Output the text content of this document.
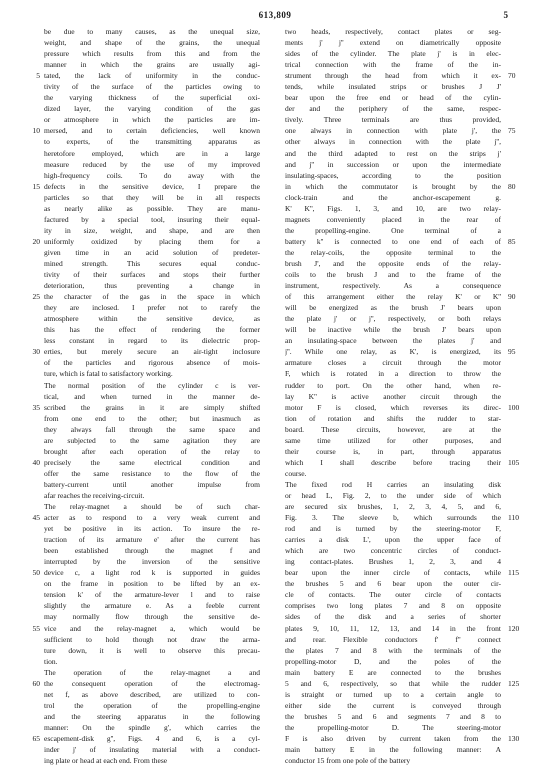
613,809	5
be due to many causes, as the unequal size,
weight, and shape of the grains, the unequal
pressure which results from this and from the
manner in which the grains are usually agi-
tated, the lack of uniformity in the conduc-
tivity of the surface of the particles owing to
the varying thickness of the superficial oxi-
dized layer, the varying condition of the gas
or atmosphere in which the particles are im-
mersed, and to certain deficiencies, well known
to experts, of the transmitting apparatus as
heretofore employed, which are in a large
measure reduced by the use of my improved
high-frequency coils. To do away with the
defects in the sensitive device, I prepare the
particles so that they will be in all respects
as nearly alike as possible. They are manu-
factured by a special tool, insuring their equal-
ity in size, weight, and shape, and are then
uniformly oxidized by placing them for a
given time in an acid solution of predeter-
mined strength. This secures equal conduc-
tivity of their surfaces and stops their further
deterioration, thus preventing a change in
the character of the gas in the space in which
they are inclosed. I prefer not to rarefy the
atmosphere within the sensitive device, as
this has the effect of rendering the former
less constant in regard to its dielectric prop-
erties, but merely secure an air-tight inclosure
of the particles and rigorous absence of mois-
ture, which is fatal to satisfactory working.
The normal position of the cylinder c is ver-
tical, and when turned in the manner de-
scribed the grains in it are simply shifted
from one end to the other; but inasmuch as
they always fall through the same space and
are subjected to the same agitation they are
brought after each operation of the relay to
precisely the same electrical condition and
offer the same resistance to the flow of the
battery-current until another impulse from
afar reaches the receiving-circuit.
The relay-magnet a should be of such char-
acter as to respond to a very weak current and
yet be positive in its action. To insure the re-
traction of its armature e' after the current has
been established through the magnet f and
interrupted by the inversion of the sensitive
device c, a light rod k is supported in guides
on the frame in position to be lifted by an ex-
tension k' of the armature-lever l and to raise
slightly the armature e. As a feeble current
may normally flow through the sensitive de-
vice and the relay-magnet a, which would be
sufficient to hold though not draw the arma-
ture down, it is well to observe this precau-
tion.
The operation of the relay-magnet a and
the consequent operation of the electromag-
net f, as above described, are utilized to con-
trol the operation of the propelling-engine
and the steering apparatus in the following
manner: On the spindle g', which carries the
escapement-disk g'', Figs. 4 and 6, is a cyl-
inder j' of insulating material with a conduct-
ing plate or head at each end. From these
two heads, respectively, contact plates or seg-
ments j' j'' extend on diametrically opposite
sides of the cylinder. The plate j' is in elec-
trical connection with the frame of the in-
strument through the head from which it ex-
tends, while insulated strips or brushes J J'
bear upon the free end or head of the cylin-
der and the periphery of the same, respec-
tively. Three terminals are thus provided,
one always in connection with plate j', the
other always in connection with the plate j'',
and the third adapted to rest on the strips j'
and j'' in succession or upon the intermediate
insulating-spaces, according to the position
in which the commutator is brought by the
clock-train and the anchor-escapement g.
K' K'', Figs. 1, 3, and 10, are two relay-
magnets conveniently placed in the rear of
the propelling-engine. One terminal of a
battery k'' is connected to one end of each of
the relay-coils, the opposite terminal to the
brush J', and the opposite ends of the relay-
coils to the brush J and to the frame of the
instrument, respectively. As a consequence
of this arrangement either the relay K' or K''
will be energized as the brush J' bears upon
the plate j' or j'', respectively, or both relays
will be inactive while the brush J' bears upon
an insulating-space between the plates j' and
j''. While one relay, as K', is energized, its
armature closes a circuit through the motor
F, which is rotated in a direction to throw the
rudder to port. On the other hand, when re-
lay K'' is active another circuit through the
motor F is closed, which reverses its direc-
tion of rotation and shifts the rudder to star-
board. These circuits, however, are at the
same time utilized for other purposes, and
their course is, in part, through apparatus
which I shall describe before tracing their
course.
The fixed rod H carries an insulating disk
or head L, Fig. 2, to the under side of which
are secured six brushes, 1, 2, 3, 4, 5, and 6,
Fig. 3. The sleeve b, which surrounds the
rod and is turned by the steering-motor F,
carries a disk L', upon the upper face of
which are two concentric circles of conduct-
ing contact-plates. Brushes 1, 2, 3, and 4
bear upon the inner circle of contacts, while
the brushes 5 and 6 bear upon the outer cir-
cle of contacts. The outer circle of contacts
comprises two long plates 7 and 8 on opposite
sides of the disk and a series of shorter
plates 9, 10, 11, 12, 13, and 14 in the front
and rear. Flexible conductors f' f'' connect
the plates 7 and 8 with the terminals of the
propelling-motor D, and the poles of the
main battery E are connected to the brushes
5 and 6, respectively, so that while the rudder
is straight or turned up to a certain angle to
either side the current is conveyed through
the brushes 5 and 6 and segments 7 and 8 to
the propelling-motor D. The steering-motor
F is also driven by current taken from the
main battery E in the following manner: A
conductor 15 from one pole of the battery
5
10
15
20
25
30
35
40
45
50
55
60
65
70
75
80
85
90
95
100
105
110
115
120
125
130
